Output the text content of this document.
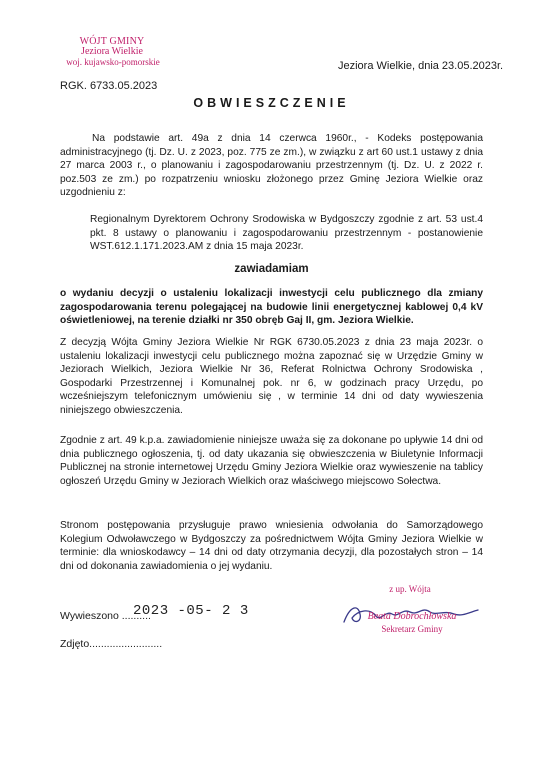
WÓJT GMINY
Jeziora Wielkie
woj. kujawsko-pomorskie	Jeziora Wielkie, dnia 23.05.2023r.
RGK. 6733.05.2023
OBWIESZCZENIE
Na podstawie art. 49a z dnia 14 czerwca 1960r., - Kodeks postępowania administracyjnego (tj. Dz. U. z 2023, poz. 775 ze zm.), w związku z art 60 ust.1 ustawy z dnia 27 marca 2003 r., o planowaniu i zagospodarowaniu przestrzennym (tj. Dz. U. z 2022 r. poz.503 ze zm.) po rozpatrzeniu wniosku złożonego przez Gminę Jeziora Wielkie oraz uzgodnieniu z:
Regionalnym Dyrektorem Ochrony Srodowiska w Bydgoszczy zgodnie z art. 53 ust.4 pkt. 8 ustawy o planowaniu i zagospodarowaniu przestrzennym - postanowienie WST.612.1.171.2023.AM z dnia 15 maja 2023r.
zawiadamiam
o wydaniu decyzji o ustaleniu lokalizacji inwestycji celu publicznego dla zmiany zagospodarowania terenu polegającej na budowie linii energetycznej kablowej 0,4 kV oświetleniowej, na terenie działki nr 350 obręb Gaj II, gm. Jeziora Wielkie.
Z decyzją Wójta Gminy Jeziora Wielkie Nr RGK 6730.05.2023 z dnia 23 maja 2023r. o ustaleniu lokalizacji inwestycji celu publicznego można zapoznać się w Urzędzie Gminy w Jeziorach Wielkich, Jeziora Wielkie Nr 36, Referat Rolnictwa Ochrony Srodowiska , Gospodarki Przestrzennej i Komunalnej pok. nr 6, w godzinach pracy Urzędu, po wcześniejszym telefonicznym umówieniu się , w terminie 14 dni od daty wywieszenia niniejszego obwieszczenia.
Zgodnie z art. 49 k.p.a. zawiadomienie niniejsze uważa się za dokonane po upływie 14 dni od dnia publicznego ogłoszenia, tj. od daty ukazania się obwieszczenia w Biuletynie Informacji Publicznej na stronie internetowej Urzędu Gminy Jeziora Wielkie oraz wywieszenie na tablicy ogłoszeń Urzędu Gminy w Jeziorach Wielkich oraz właściwego miejscowo Sołectwa.
Stronom postępowania przysługuje prawo wniesienia odwołania do Samorządowego Kolegium Odwoławczego w Bydgoszczy za pośrednictwem Wójta Gminy Jeziora Wielkie w terminie: dla wnioskodawcy – 14 dni od daty otrzymania decyzji, dla pozostałych stron – 14 dni od dokonania zawiadomienia o jej wydaniu.
Wywieszono ..........
2023 -05- 2 3
Zdjęto.........................
z up. Wójta
Beata Dobrochłowska
Sekretarz Gminy
